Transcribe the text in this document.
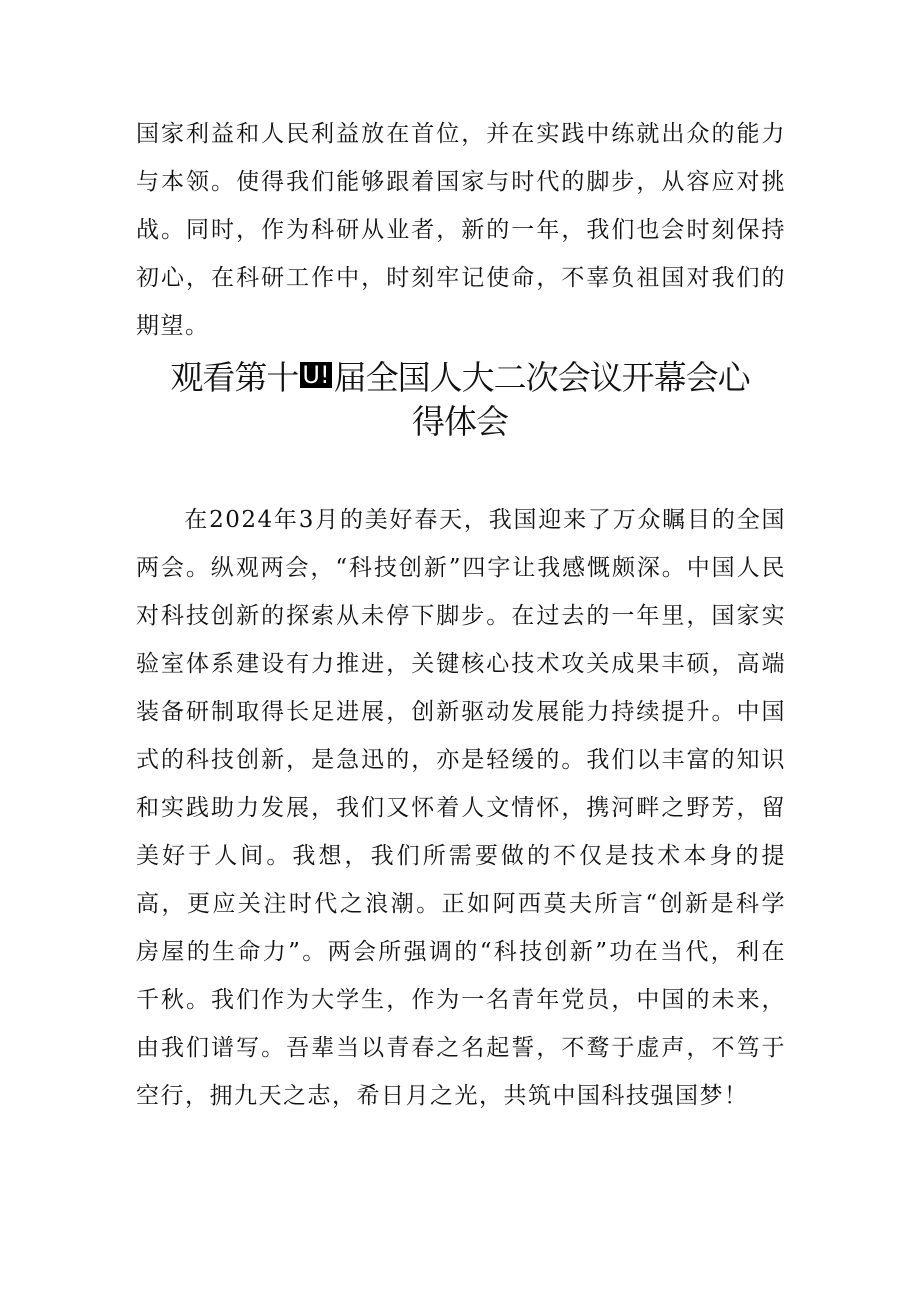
国家利益和人民利益放在首位，并在实践中练就出众的能力与本领。使得我们能够跟着国家与时代的脚步，从容应对挑战。同时，作为科研从业者，新的一年，我们也会时刻保持初心，在科研工作中，时刻牢记使命，不辜负祖国对我们的期望。

观看第十 U! 届全国人大二次会议开幕会心
得体会

在2024年3月的美好春天，我国迎来了万众瞩目的全国两会。纵观两会，“科技创新”四字让我感慨颇深。中国人民对科技创新的探索从未停下脚步。在过去的一年里，国家实验室体系建设有力推进，关键核心技术攻关成果丰硕，高端装备研制取得长足进展，创新驱动发展能力持续提升。中国式的科技创新，是急迅的，亦是轻缓的。我们以丰富的知识和实践助力发展，我们又怀着人文情怀，携河畔之野芳，留美好于人间。我想，我们所需要做的不仅是技术本身的提高，更应关注时代之浪潮。正如阿西莫夫所言“创新是科学房屋的生命力”。两会所强调的“科技创新”功在当代，利在千秋。我们作为大学生，作为一名青年党员，中国的未来，由我们谱写。吾辈当以青春之名起誓，不鹜于虚声，不笃于空行，拥九天之志，希日月之光，共筑中国科技强国梦！
